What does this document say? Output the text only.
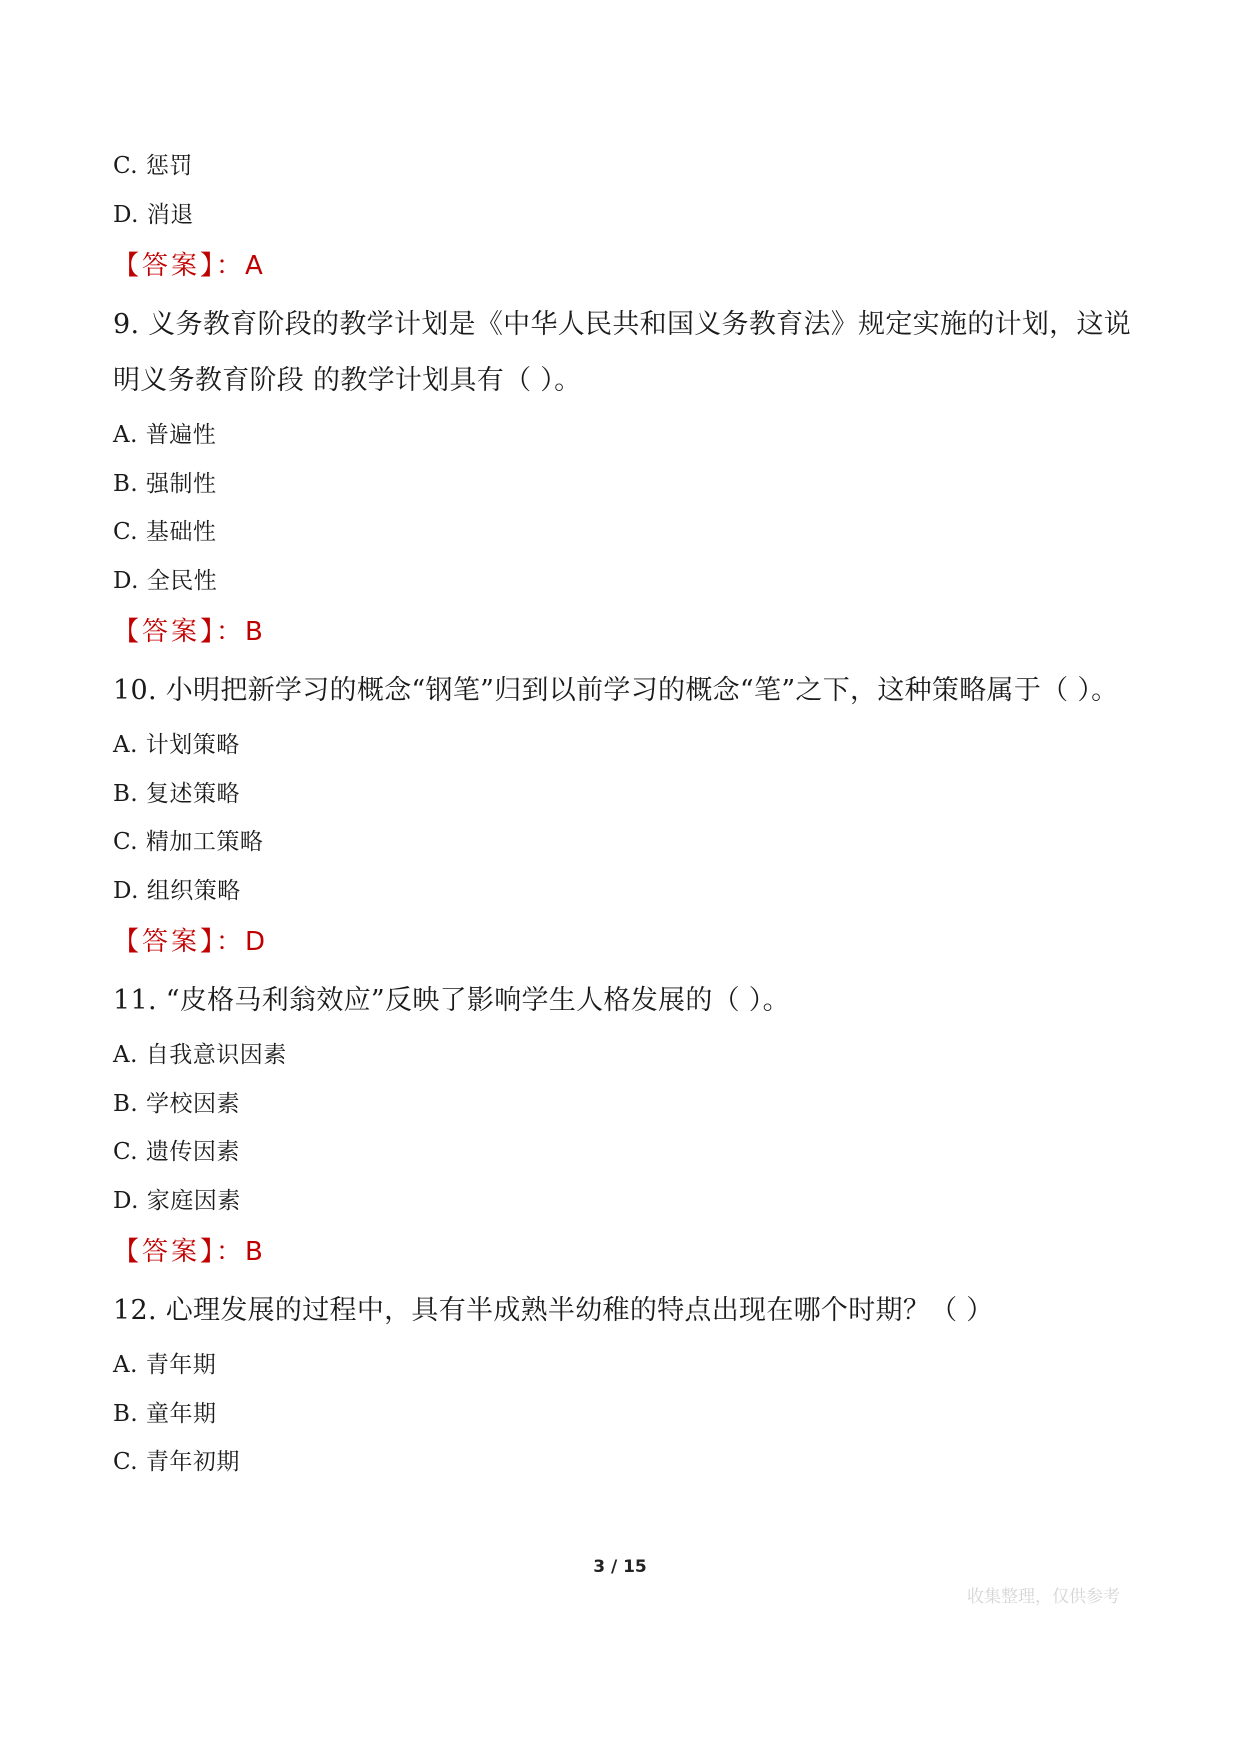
C. 惩罚
D. 消退
【答案】：A
9. 义务教育阶段的教学计划是《中华人民共和国义务教育法》规定实施的计划，这说明义务教育阶段 的教学计划具有（ ）。
A. 普遍性
B. 强制性
C. 基础性
D. 全民性
【答案】：B
10. 小明把新学习的概念“钢笔”归到以前学习的概念“笔”之下，这种策略属于（ ）。
A. 计划策略
B. 复述策略
C. 精加工策略
D. 组织策略
【答案】：D
11. “皮格马利翁效应”反映了影响学生人格发展的（ ）。
A. 自我意识因素
B. 学校因素
C. 遗传因素
D. 家庭因素
【答案】：B
12. 心理发展的过程中，具有半成熟半幼稚的特点出现在哪个时期？（ ）
A. 青年期
B. 童年期
C. 青年初期
3 / 15
收集整理，仅供参考
